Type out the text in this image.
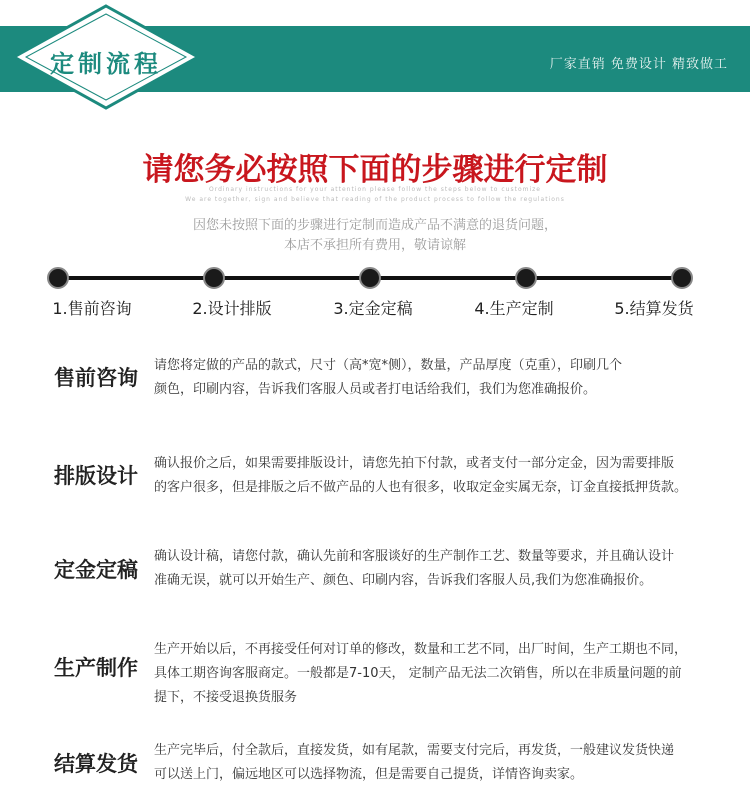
定制流程	厂家直销 免费设计 精致做工
请您务必按照下面的步骤进行定制
Ordinary instructions for your attention please follow the steps below to customize
We are together, sign and believe that reading of the product process to follow the regulations
因您未按照下面的步骤进行定制而造成产品不满意的退货问题，
本店不承担所有费用，敬请谅解
1.售前咨询	2.设计排版	3.定金定稿	4.生产定制	5.结算发货
售前咨询
请您将定做的产品的款式，尺寸（高*宽*侧），数量，产品厚度（克重），印刷几个
颜色，印刷内容，告诉我们客服人员或者打电话给我们，我们为您准确报价。
排版设计
确认报价之后，如果需要排版设计，请您先拍下付款，或者支付一部分定金，因为需要排版
的客户很多，但是排版之后不做产品的人也有很多，收取定金实属无奈，订金直接抵押货款。
定金定稿
确认设计稿，请您付款，确认先前和客服谈好的生产制作工艺、数量等要求，并且确认设计
准确无误，就可以开始生产、颜色、印刷内容，告诉我们客服人员,我们为您准确报价。
生产制作
生产开始以后，不再接受任何对订单的修改，数量和工艺不同，出厂时间，生产工期也不同，
具体工期咨询客服商定。一般都是7-10天， 定制产品无法二次销售，所以在非质量问题的前
提下，不接受退换货服务
结算发货
生产完毕后，付全款后，直接发货，如有尾款，需要支付完后，再发货，一般建议发货快递
可以送上门，偏远地区可以选择物流，但是需要自己提货，详情咨询卖家。
